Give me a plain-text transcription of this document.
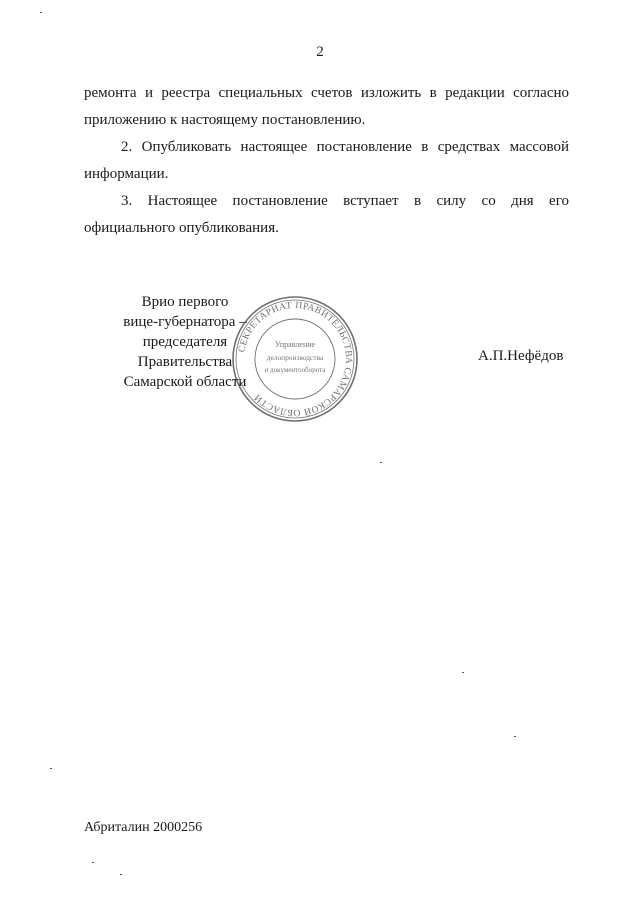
2

ремонта и реестра специальных счетов изложить в редакции согласно

приложению к настоящему постановлению.

2. Опубликовать настоящее постановление в средствах массовой

информации.

3. Настоящее постановление вступает в силу со дня его

официального опубликования.

Врио первого
вице-губернатора –
председателя Правительства
Самарской области
СЕКРЕТАРИАТ ПРАВИТЕЛЬСТВА САМАРСКОЙ ОБЛАСТИ
Управление
делопроизводства
и документооборота
А.П.Нефёдов
Абриталин 2000256
